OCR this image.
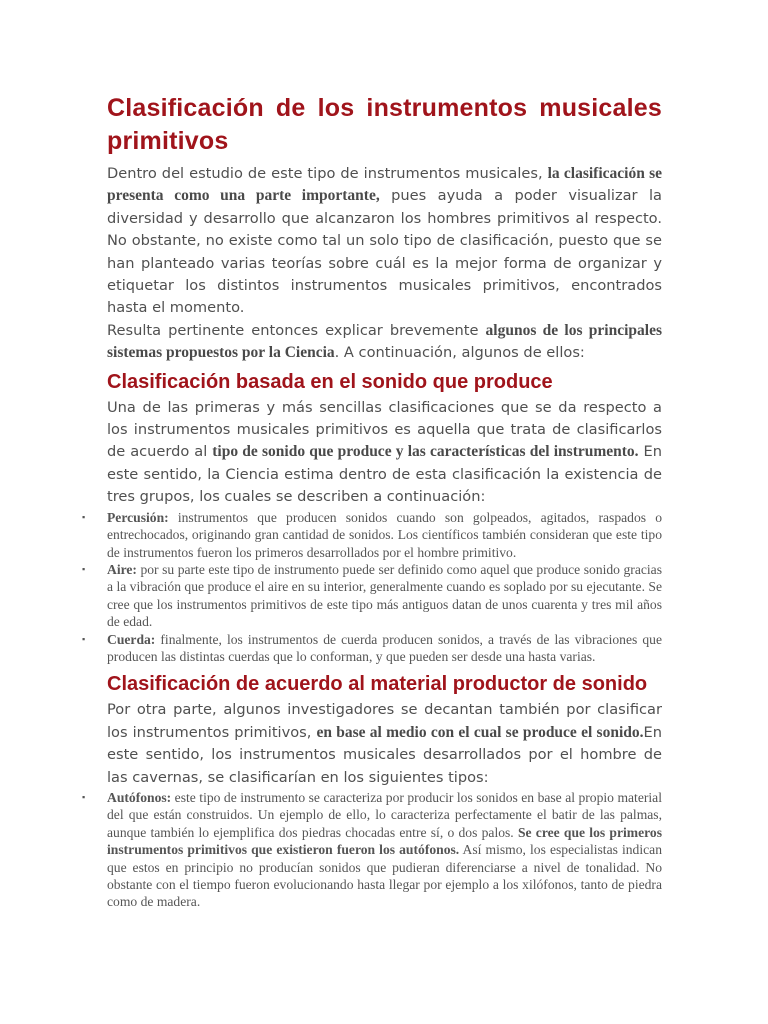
Clasificación de los instrumentos musicales
primitivos

Dentro del estudio de este tipo de instrumentos musicales, la clasificación se presenta como una parte importante, pues ayuda a poder visualizar la diversidad y desarrollo que alcanzaron los hombres primitivos al respecto. No obstante, no existe como tal un solo tipo de clasificación, puesto que se han planteado varias teorías sobre cuál es la mejor forma de organizar y etiquetar los distintos instrumentos musicales primitivos, encontrados hasta el momento.

Resulta pertinente entonces explicar brevemente algunos de los principales sistemas propuestos por la Ciencia. A continuación, algunos de ellos:

Clasificación basada en el sonido que produce

Una de las primeras y más sencillas clasificaciones que se da respecto a los instrumentos musicales primitivos es aquella que trata de clasificarlos de acuerdo al tipo de sonido que produce y las características del instrumento. En este sentido, la Ciencia estima dentro de esta clasificación la existencia de tres grupos, los cuales se describen a continuación:

▪ Percusión: instrumentos que producen sonidos cuando son golpeados, agitados, raspados o entrechocados, originando gran cantidad de sonidos. Los científicos también consideran que este tipo de instrumentos fueron los primeros desarrollados por el hombre primitivo.
▪ Aire: por su parte este tipo de instrumento puede ser definido como aquel que produce sonido gracias a la vibración que produce el aire en su interior, generalmente cuando es soplado por su ejecutante. Se cree que los instrumentos primitivos de este tipo más antiguos datan de unos cuarenta y tres mil años de edad.
▪ Cuerda: finalmente, los instrumentos de cuerda producen sonidos, a través de las vibraciones que producen las distintas cuerdas que lo conforman, y que pueden ser desde una hasta varias.
Clasificación de acuerdo al material productor de sonido

Por otra parte, algunos investigadores se decantan también por clasificar los instrumentos primitivos, en base al medio con el cual se produce el sonido.En este sentido, los instrumentos musicales desarrollados por el hombre de las cavernas, se clasificarían en los siguientes tipos:

▪ Autófonos: este tipo de instrumento se caracteriza por producir los sonidos en base al propio material del que están construidos. Un ejemplo de ello, lo caracteriza perfectamente el batir de las palmas, aunque también lo ejemplifica dos piedras chocadas entre sí, o dos palos. Se cree que los primeros instrumentos primitivos que existieron fueron los autófonos. Así mismo, los especialistas indican que estos en principio no producían sonidos que pudieran diferenciarse a nivel de tonalidad. No obstante con el tiempo fueron evolucionando hasta llegar por ejemplo a los xilófonos, tanto de piedra como de madera.
